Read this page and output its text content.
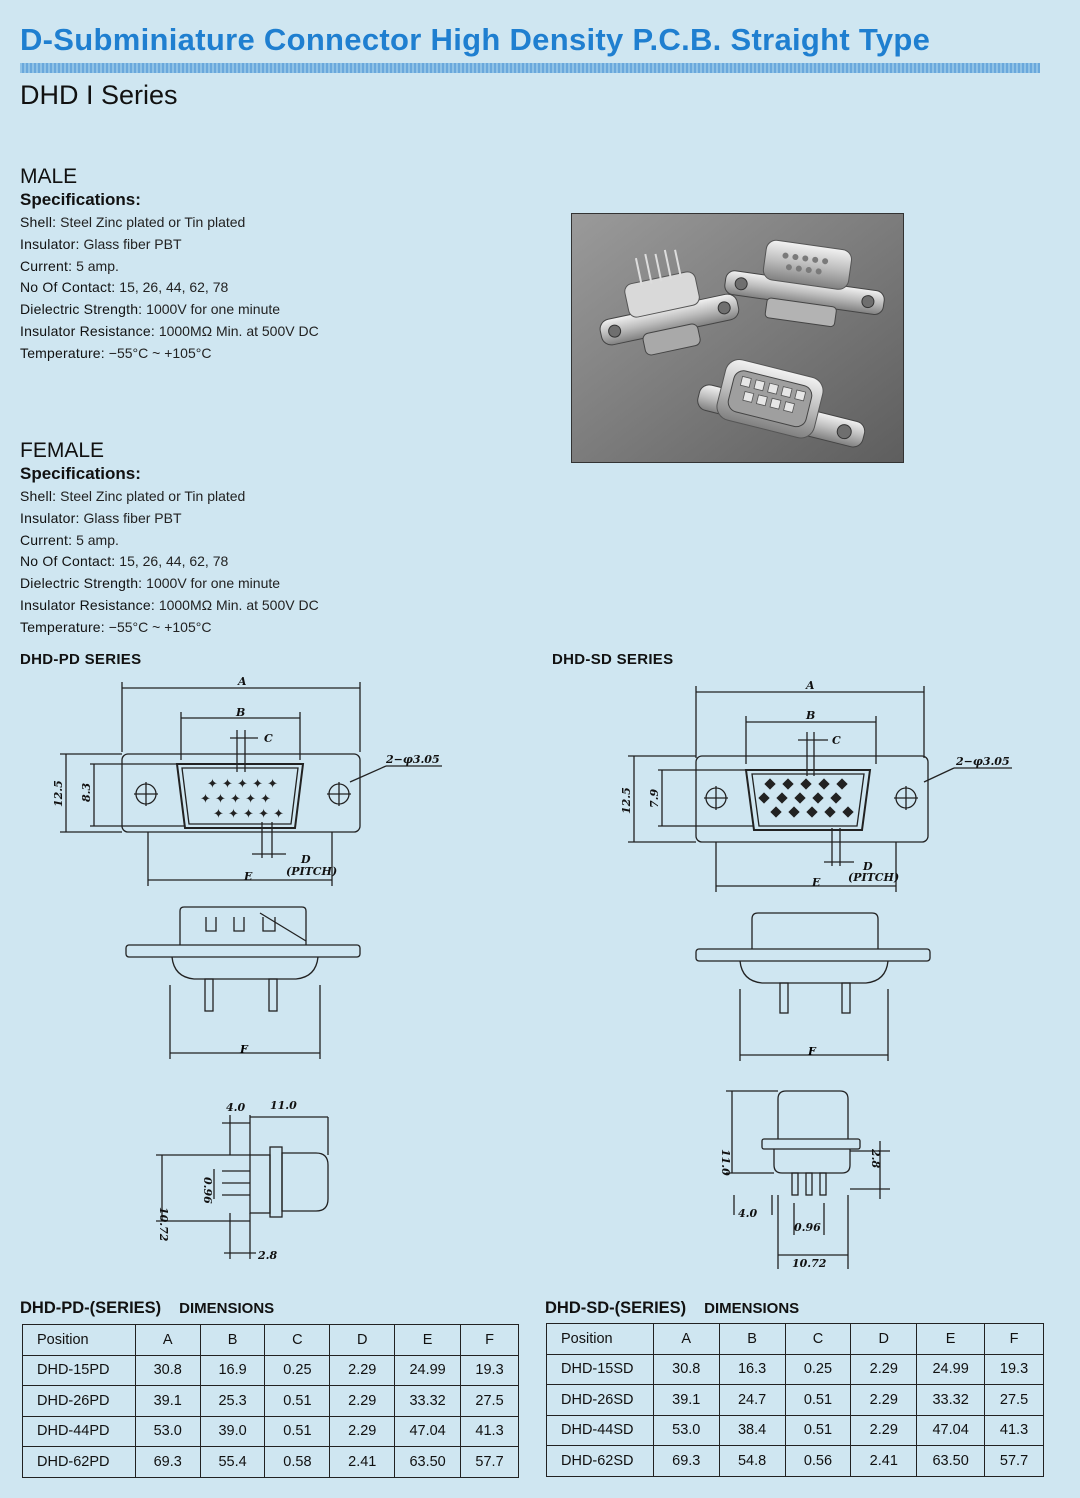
D-Subminiature Connector High Density P.C.B. Straight Type
DHD I Series
MALE
Specifications:
Shell: Steel Zinc plated or Tin plated
Insulator: Glass fiber PBT
Current: 5 amp.
No Of Contact: 15, 26, 44, 62, 78
Dielectric Strength: 1000V for one minute
Insulator Resistance: 1000MΩ Min. at 500V DC
Temperature: −55°C ~ +105°C
FEMALE
Specifications:
Shell: Steel Zinc plated or Tin plated
Insulator: Glass fiber PBT
Current: 5 amp.
No Of Contact: 15, 26, 44, 62, 78
Dielectric Strength: 1000V for one minute
Insulator Resistance: 1000MΩ Min. at 500V DC
Temperature: −55°C ~ +105°C
DHD-PD SERIES	DHD-SD SERIES
✦ ✦ ✦ ✦ ✦
✦ ✦ ✦ ✦ ✦
✦ ✦ ✦ ✦ ✦
A
B
C
D
(PITCH)
E
2−φ3.05
12.5 8.3
F
4.0 11.0
10.72
0.96
2.8
A
B
C
D
(PITCH)
E
2−φ3.05
12.5 7.9
F
11.0	2.8
4.0
0.96
10.72
DHD-PD-(SERIES) DIMENSIONS
Position	A	B	C	D	E	F
DHD-15PD	30.8	16.9	0.25	2.29	24.99	19.3
DHD-26PD	39.1	25.3	0.51	2.29	33.32	27.5
DHD-44PD	53.0	39.0	0.51	2.29	47.04	41.3
DHD-62PD	69.3	55.4	0.58	2.41	63.50	57.7
DHD-SD-(SERIES) DIMENSIONS
Position	A	B	C	D	E	F
DHD-15SD	30.8	16.3	0.25	2.29	24.99	19.3
DHD-26SD	39.1	24.7	0.51	2.29	33.32	27.5
DHD-44SD	53.0	38.4	0.51	2.29	47.04	41.3
DHD-62SD	69.3	54.8	0.56	2.41	63.50	57.7
